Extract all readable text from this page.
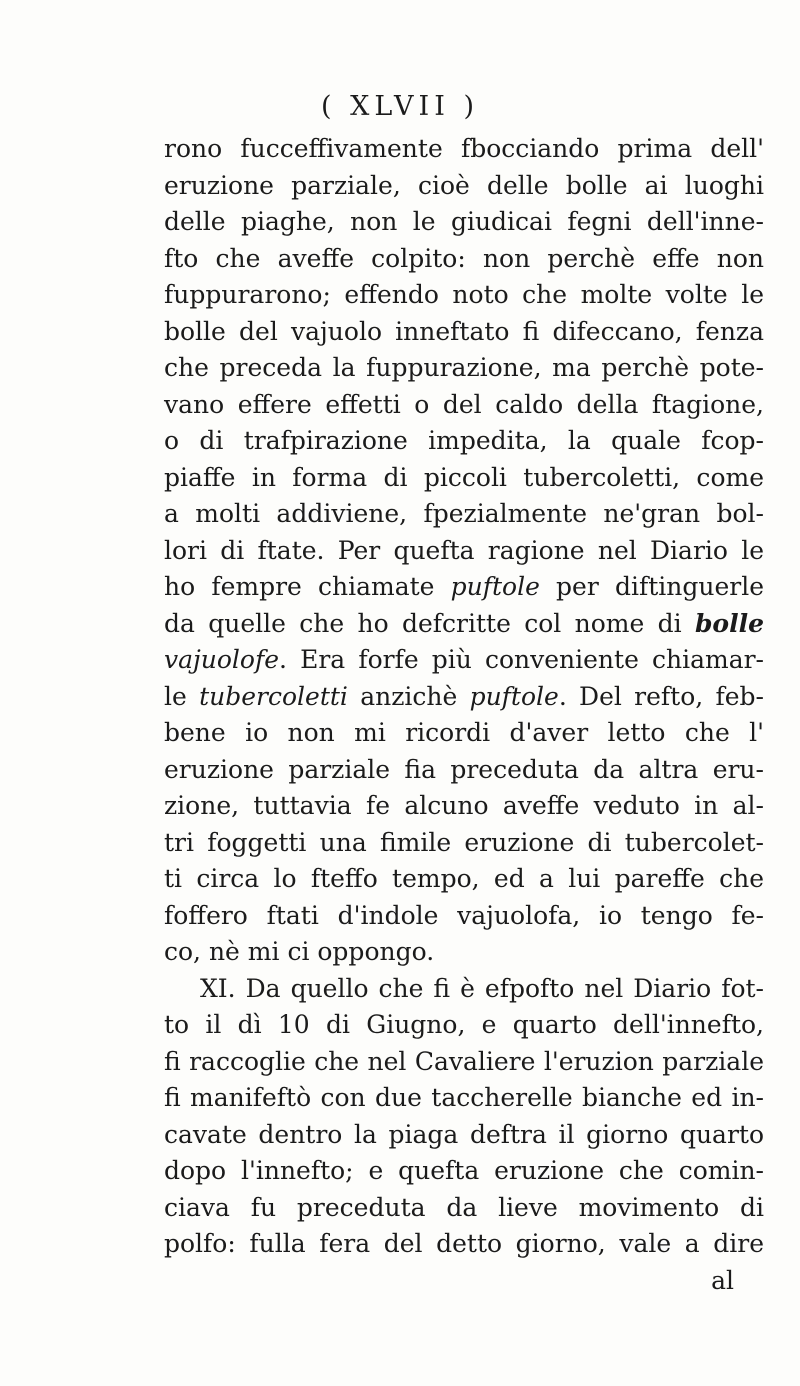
( XLVII )
rono fucceffivamente fbocciando prima dell'
eruzione parziale, cioè delle bolle ai luoghi
delle piaghe, non le giudicai fegni dell'inne-
fto che aveffe colpito: non perchè effe non
fuppurarono; effendo noto che molte volte le
bolle del vajuolo inneftato fi difeccano, fenza
che preceda la fuppurazione, ma perchè pote-
vano effere effetti o del caldo della ftagione,
o di trafpirazione impedita, la quale fcop-
piaffe in forma di piccoli tubercoletti, come
a molti addiviene, fpezialmente ne'gran bol-
lori di ftate. Per quefta ragione nel Diario le
ho fempre chiamate puftole per diftinguerle
da quelle che ho defcritte col nome di bolle
vajuolofe. Era forfe più conveniente chiamar-
le tubercoletti anzichè puftole. Del refto, feb-
bene io non mi ricordi d'aver letto che l'
eruzione parziale fia preceduta da altra eru-
zione, tuttavia fe alcuno aveffe veduto in al-
tri foggetti una fimile eruzione di tubercolet-
ti circa lo fteffo tempo, ed a lui pareffe che
foffero ftati d'indole vajuolofa, io tengo fe-
co, nè mi ci oppongo.
XI. Da quello che fi è efpofto nel Diario fot-
to il dì 10 di Giugno, e quarto dell'innefto,
fi raccoglie che nel Cavaliere l'eruzion parziale
fi manifeftò con due taccherelle bianche ed in-
cavate dentro la piaga deftra il giorno quarto
dopo l'innefto; e quefta eruzione che comin-
ciava fu preceduta da lieve movimento di
polfo: fulla fera del detto giorno, vale a dire
al
